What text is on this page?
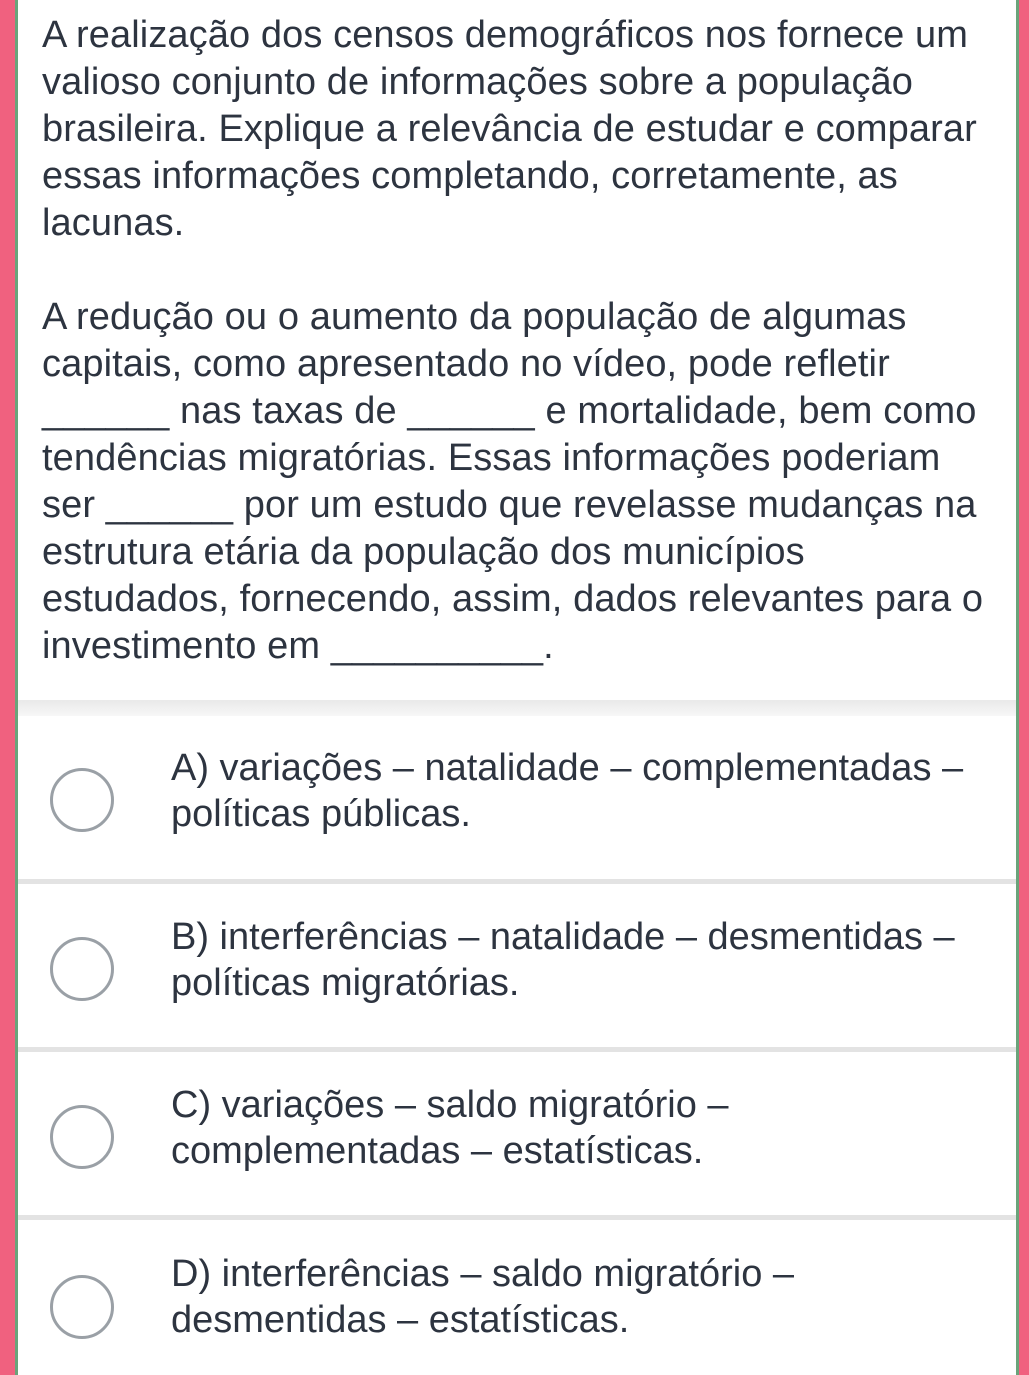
A realização dos censos demográficos nos fornece um valioso conjunto de informações sobre a população brasileira. Explique a relevância de estudar e comparar essas informações completando, corretamente, as lacunas.

A redução ou o aumento da população de algumas capitais, como apresentado no vídeo, pode refletir ______ nas taxas de ______ e mortalidade, bem como tendências migratórias. Essas informações poderiam ser ______ por um estudo que revelasse mudanças na estrutura etária da população dos municípios estudados, fornecendo, assim, dados relevantes para o investimento em __________.

A) variações – natalidade – complementadas – políticas públicas.
B) interferências – natalidade – desmentidas – políticas migratórias.
C) variações – saldo migratório – complementadas – estatísticas.
D) interferências – saldo migratório – desmentidas – estatísticas.
